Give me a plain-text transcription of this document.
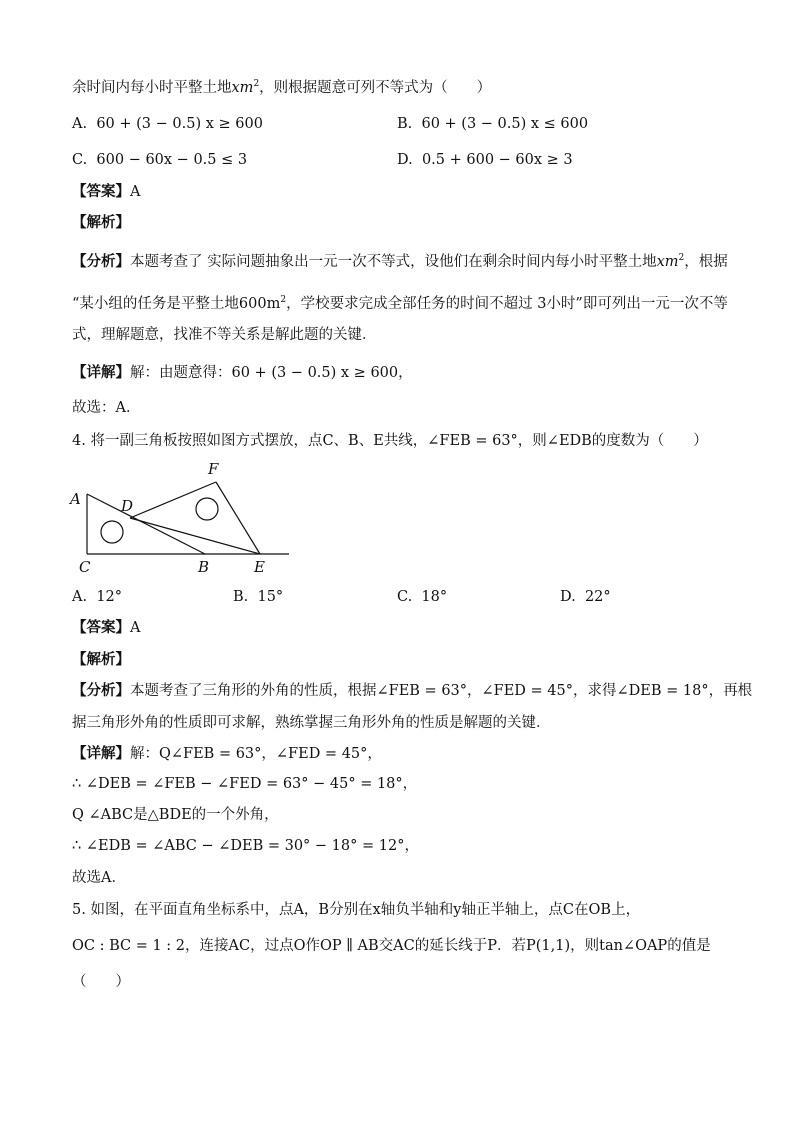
余时间内每小时平整土地$xm^2$，则根据题意可列不等式为（　　）
A. 60 + (3 − 0.5) x ≥ 600	B. 60 + (3 − 0.5) x ≤ 600
C. 600 − 60x − 0.5 ≤ 3	D. 0.5 + 600 − 60x ≥ 3
【答案】A
【解析】
【分析】本题考查了 实际问题抽象出一元一次不等式，设他们在剩余时间内每小时平整土地$xm^2$，根据
“某小组的任务是平整土地$600m^2$，学校要求完成全部任务的时间不超过 3小时”即可列出一元一次不等
式，理解题意，找准不等关系是解此题的关键．
【详解】解：由题意得：60 + (3 − 0.5) x ≥ 600，
故选：A．
4. 将一副三角板按照如图方式摆放，点C、B、E共线，∠FEB = 63°，则∠EDB的度数为（　　）
A	D
F
C	B	E
A. 12°	B. 15°	C. 18°	D. 22°
【答案】A
【解析】
【分析】本题考查了三角形的外角的性质，根据∠FEB = 63°，∠FED = 45°，求得∠DEB = 18°，再根
据三角形外角的性质即可求解，熟练掌握三角形外角的性质是解题的关键．
【详解】解：Q∠FEB = 63°，∠FED = 45°，
∴ ∠DEB = ∠FEB − ∠FED = 63° − 45° = 18°，
Q ∠ABC是△BDE的一个外角，
∴ ∠EDB = ∠ABC − ∠DEB = 30° − 18° = 12°，
故选A．
5. 如图，在平面直角坐标系中，点A，B分别在x轴负半轴和y轴正半轴上，点C在OB上，
OC : BC = 1 : 2，连接AC，过点O作OP ∥ AB交AC的延长线于P．若P(1,1)，则tan∠OAP的值是
（　　）
